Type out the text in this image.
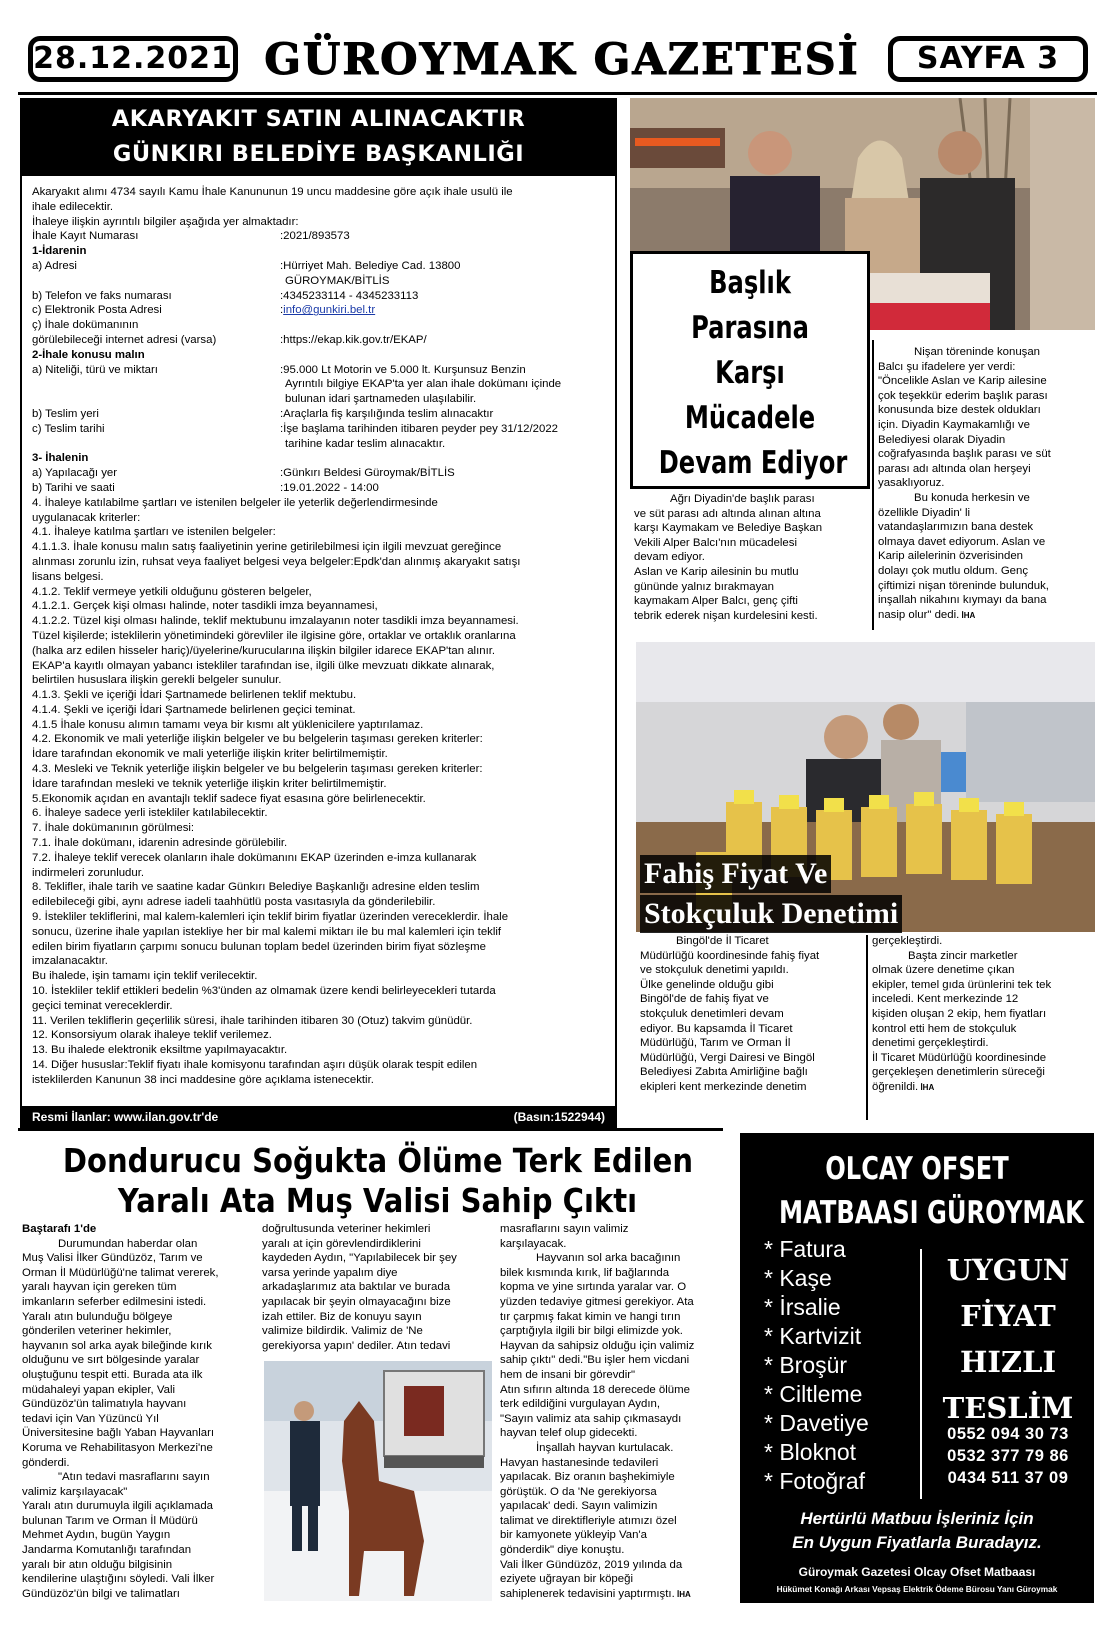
28.12.2021 GÜROYMAK GAZETESİ	SAYFA 3
AKARYAKIT SATIN ALINACAKTIR
GÜNKIRI BELEDİYE BAŞKANLIĞI
Akaryakıt alımı 4734 sayılı Kamu İhale Kanununun 19 uncu maddesine göre açık ihale usulü ile
ihale edilecektir.
İhaleye ilişkin ayrıntılı bilgiler aşağıda yer almaktadır:
İhale Kayıt Numarası	:2021/893573
1-İdarenin
a) Adresi	:Hürriyet Mah. Belediye Cad. 13800
GÜROYMAK/BİTLİS
b) Telefon ve faks numarası	:4345233114 - 4345233113
c) Elektronik Posta Adresi	:info@gunkiri.bel.tr
ç) İhale dokümanının
görülebileceği internet adresi (varsa)	:https://ekap.kik.gov.tr/EKAP/
2-İhale konusu malın
a) Niteliği, türü ve miktarı	:95.000 Lt Motorin ve 5.000 lt. Kurşunsuz Benzin
Ayrıntılı bilgiye EKAP'ta yer alan ihale dokümanı içinde
bulunan idari şartnameden ulaşılabilir.
b) Teslim yeri	:Araçlarla fiş karşılığında teslim alınacaktır
c) Teslim tarihi	:İşe başlama tarihinden itibaren peyder pey 31/12/2022
tarihine kadar teslim alınacaktır.
3- İhalenin
a) Yapılacağı yer	:Günkırı Beldesi Güroymak/BİTLİS
b) Tarihi ve saati	:19.01.2022 - 14:00
4. İhaleye katılabilme şartları ve istenilen belgeler ile yeterlik değerlendirmesinde
uygulanacak kriterler:
4.1. İhaleye katılma şartları ve istenilen belgeler:
4.1.1.3. İhale konusu malın satış faaliyetinin yerine getirilebilmesi için ilgili mevzuat gereğince
alınması zorunlu izin, ruhsat veya faaliyet belgesi veya belgeler:Epdk'dan alınmış akaryakıt satışı
lisans belgesi.
4.1.2. Teklif vermeye yetkili olduğunu gösteren belgeler,
4.1.2.1. Gerçek kişi olması halinde, noter tasdikli imza beyannamesi,
4.1.2.2. Tüzel kişi olması halinde, teklif mektubunu imzalayanın noter tasdikli imza beyannamesi.
Tüzel kişilerde; isteklilerin yönetimindeki görevliler ile ilgisine göre, ortaklar ve ortaklık oranlarına
(halka arz edilen hisseler hariç)/üyelerine/kurucularına ilişkin bilgiler idarece EKAP'tan alınır.
EKAP'a kayıtlı olmayan yabancı istekliler tarafından ise, ilgili ülke mevzuatı dikkate alınarak,
belirtilen hususlara ilişkin gerekli belgeler sunulur.
4.1.3. Şekli ve içeriği İdari Şartnamede belirlenen teklif mektubu.
4.1.4. Şekli ve içeriği İdari Şartnamede belirlenen geçici teminat.
4.1.5 İhale konusu alımın tamamı veya bir kısmı alt yüklenicilere yaptırılamaz.
4.2. Ekonomik ve mali yeterliğe ilişkin belgeler ve bu belgelerin taşıması gereken kriterler:
İdare tarafından ekonomik ve mali yeterliğe ilişkin kriter belirtilmemiştir.
4.3. Mesleki ve Teknik yeterliğe ilişkin belgeler ve bu belgelerin taşıması gereken kriterler:
İdare tarafından mesleki ve teknik yeterliğe ilişkin kriter belirtilmemiştir.
5.Ekonomik açıdan en avantajlı teklif sadece fiyat esasına göre belirlenecektir.
6. İhaleye sadece yerli istekliler katılabilecektir.
7. İhale dokümanının görülmesi:
7.1. İhale dokümanı, idarenin adresinde görülebilir.
7.2. İhaleye teklif verecek olanların ihale dokümanını EKAP üzerinden e-imza kullanarak
indirmeleri zorunludur.
8. Teklifler, ihale tarih ve saatine kadar Günkırı Belediye Başkanlığı adresine elden teslim
edilebileceği gibi, aynı adrese iadeli taahhütlü posta vasıtasıyla da gönderilebilir.
9. İstekliler tekliflerini, mal kalem-kalemleri için teklif birim fiyatlar üzerinden vereceklerdir. İhale
sonucu, üzerine ihale yapılan istekliye her bir mal kalemi miktarı ile bu mal kalemleri için teklif
edilen birim fiyatların çarpımı sonucu bulunan toplam bedel üzerinden birim fiyat sözleşme
imzalanacaktır.
Bu ihalede, işin tamamı için teklif verilecektir.
10. İstekliler teklif ettikleri bedelin %3'ünden az olmamak üzere kendi belirleyecekleri tutarda
geçici teminat vereceklerdir.
11. Verilen tekliflerin geçerlilik süresi, ihale tarihinden itibaren 30 (Otuz) takvim günüdür.
12. Konsorsiyum olarak ihaleye teklif verilemez.
13. Bu ihalede elektronik eksiltme yapılmayacaktır.
14. Diğer hususlar:Teklif fiyatı ihale komisyonu tarafından aşırı düşük olarak tespit edilen
isteklilerden Kanunun 38 inci maddesine göre açıklama istenecektir.
Resmi İlanlar: www.ilan.gov.tr'de	(Basın:1522944)
Başlık
Parasına
Karşı
Mücadele
Devam Ediyor
Ağrı Diyadin'de başlık parası
ve süt parası adı altında alınan altına
karşı Kaymakam ve Belediye Başkan
Vekili Alper Balcı'nın mücadelesi
devam ediyor.
Aslan ve Karip ailesinin bu mutlu
gününde yalnız bırakmayan
kaymakam Alper Balcı, genç çifti
tebrik ederek nişan kurdelesini kesti.
Nişan töreninde konuşan
Balcı şu ifadelere yer verdi:
"Öncelikle Aslan ve Karip ailesine
çok teşekkür ederim başlık parası
konusunda bize destek oldukları
için. Diyadin Kaymakamlığı ve
Belediyesi olarak Diyadin
coğrafyasında başlık parası ve süt
parası adı altında olan herşeyi
yasaklıyoruz.
Bu konuda herkesin ve
özellikle Diyadin' li
vatandaşlarımızın bana destek
olmaya davet ediyorum. Aslan ve
Karip ailelerinin özverisinden
dolayı çok mutlu oldum. Genç
çiftimizi nişan töreninde bulunduk,
inşallah nikahını kıymayı da bana
nasip olur" dedi. İHA
Fahiş Fiyat Ve
Stokçuluk Denetimi
Bingöl'de İl Ticaret
Müdürlüğü koordinesinde fahiş fiyat
ve stokçuluk denetimi yapıldı.
Ülke genelinde olduğu gibi
Bingöl'de de fahiş fiyat ve
stokçuluk denetimleri devam
ediyor. Bu kapsamda İl Ticaret
Müdürlüğü, Tarım ve Orman İl
Müdürlüğü, Vergi Dairesi ve Bingöl
Belediyesi Zabıta Amirliğine bağlı
ekipleri kent merkezinde denetim
gerçekleştirdi.
Başta zincir marketler
olmak üzere denetime çıkan
ekipler, temel gıda ürünlerini tek tek
inceledi. Kent merkezinde 12
kişiden oluşan 2 ekip, hem fiyatları
kontrol etti hem de stokçuluk
denetimi gerçekleştirdi.
İl Ticaret Müdürlüğü koordinesinde
gerçekleşen denetimlerin süreceği
öğrenildi. İHA
Dondurucu Soğukta Ölüme Terk Edilen
Yaralı Ata Muş Valisi Sahip Çıktı
Baştarafı 1'de
Durumundan haberdar olan
Muş Valisi İlker Gündüzöz, Tarım ve
Orman İl Müdürlüğü'ne talimat vererek,
yaralı hayvan için gereken tüm
imkanların seferber edilmesini istedi.
Yaralı atın bulunduğu bölgeye
gönderilen veteriner hekimler,
hayvanın sol arka ayak bileğinde kırık
olduğunu ve sırt bölgesinde yaralar
oluştuğunu tespit etti. Burada ata ilk
müdahaleyi yapan ekipler, Vali
Gündüzöz'ün talimatıyla hayvanı
tedavi için Van Yüzüncü Yıl
Üniversitesine bağlı Yaban Hayvanları
Koruma ve Rehabilitasyon Merkezi'ne
gönderdi.
"Atın tedavi masraflarını sayın
valimiz karşılayacak"
Yaralı atın durumuyla ilgili açıklamada
bulunan Tarım ve Orman İl Müdürü
Mehmet Aydın, bugün Yaygın
Jandarma Komutanlığı tarafından
yaralı bir atın olduğu bilgisinin
kendilerine ulaştığını söyledi. Vali İlker
Gündüzöz'ün bilgi ve talimatları
doğrultusunda veteriner hekimleri
yaralı at için görevlendirdiklerini
kaydeden Aydın, "Yapılabilecek bir şey
varsa yerinde yapalım diye
arkadaşlarımız ata baktılar ve burada
yapılacak bir şeyin olmayacağını bize
izah ettiler. Biz de konuyu sayın
valimize bildirdik. Valimiz de 'Ne
gerekiyorsa yapın' dediler. Atın tedavi
masraflarını sayın valimiz
karşılayacak.
Hayvanın sol arka bacağının
bilek kısmında kırık, lif bağlarında
kopma ve yine sırtında yaralar var. O
yüzden tedaviye gitmesi gerekiyor. Ata
tır çarpmış fakat kimin ve hangi tırın
çarptığıyla ilgili bir bilgi elimizde yok.
Hayvan da sahipsiz olduğu için valimiz
sahip çıktı" dedi."Bu işler hem vicdani
hem de insani bir görevdir"
Atın sıfırın altında 18 derecede ölüme
terk edildiğini vurgulayan Aydın,
"Sayın valimiz ata sahip çıkmasaydı
hayvan telef olup gidecekti.
İnşallah hayvan kurtulacak.
Havyan hastanesinde tedavileri
yapılacak. Biz oranın başhekimiyle
görüştük. O da 'Ne gerekiyorsa
yapılacak' dedi. Sayın valimizin
talimat ve direktifleriyle atımızı özel
bir kamyonete yükleyip Van'a
gönderdik" diye konuştu.
Vali İlker Gündüzöz, 2019 yılında da
eziyete uğrayan bir köpeği
sahiplenerek tedavisini yaptırmıştı. İHA
OLCAY OFSET
MATBAASI GÜROYMAK
* Fatura
* Kaşe
* İrsalie
* Kartvizit
* Broşür
* Ciltleme
* Davetiye
* Bloknot
* Fotoğraf
UYGUN
FİYAT
HIZLI
TESLİM
0552 094 30 73
0532 377 79 86
0434 511 37 09
Hertürlü Matbuu İşleriniz İçin
En Uygun Fiyatlarla Buradayız.
Güroymak Gazetesi Olcay Ofset Matbaası
Hükümet Konağı Arkası Vepsaş Elektrik Ödeme Bürosu Yanı Güroymak
